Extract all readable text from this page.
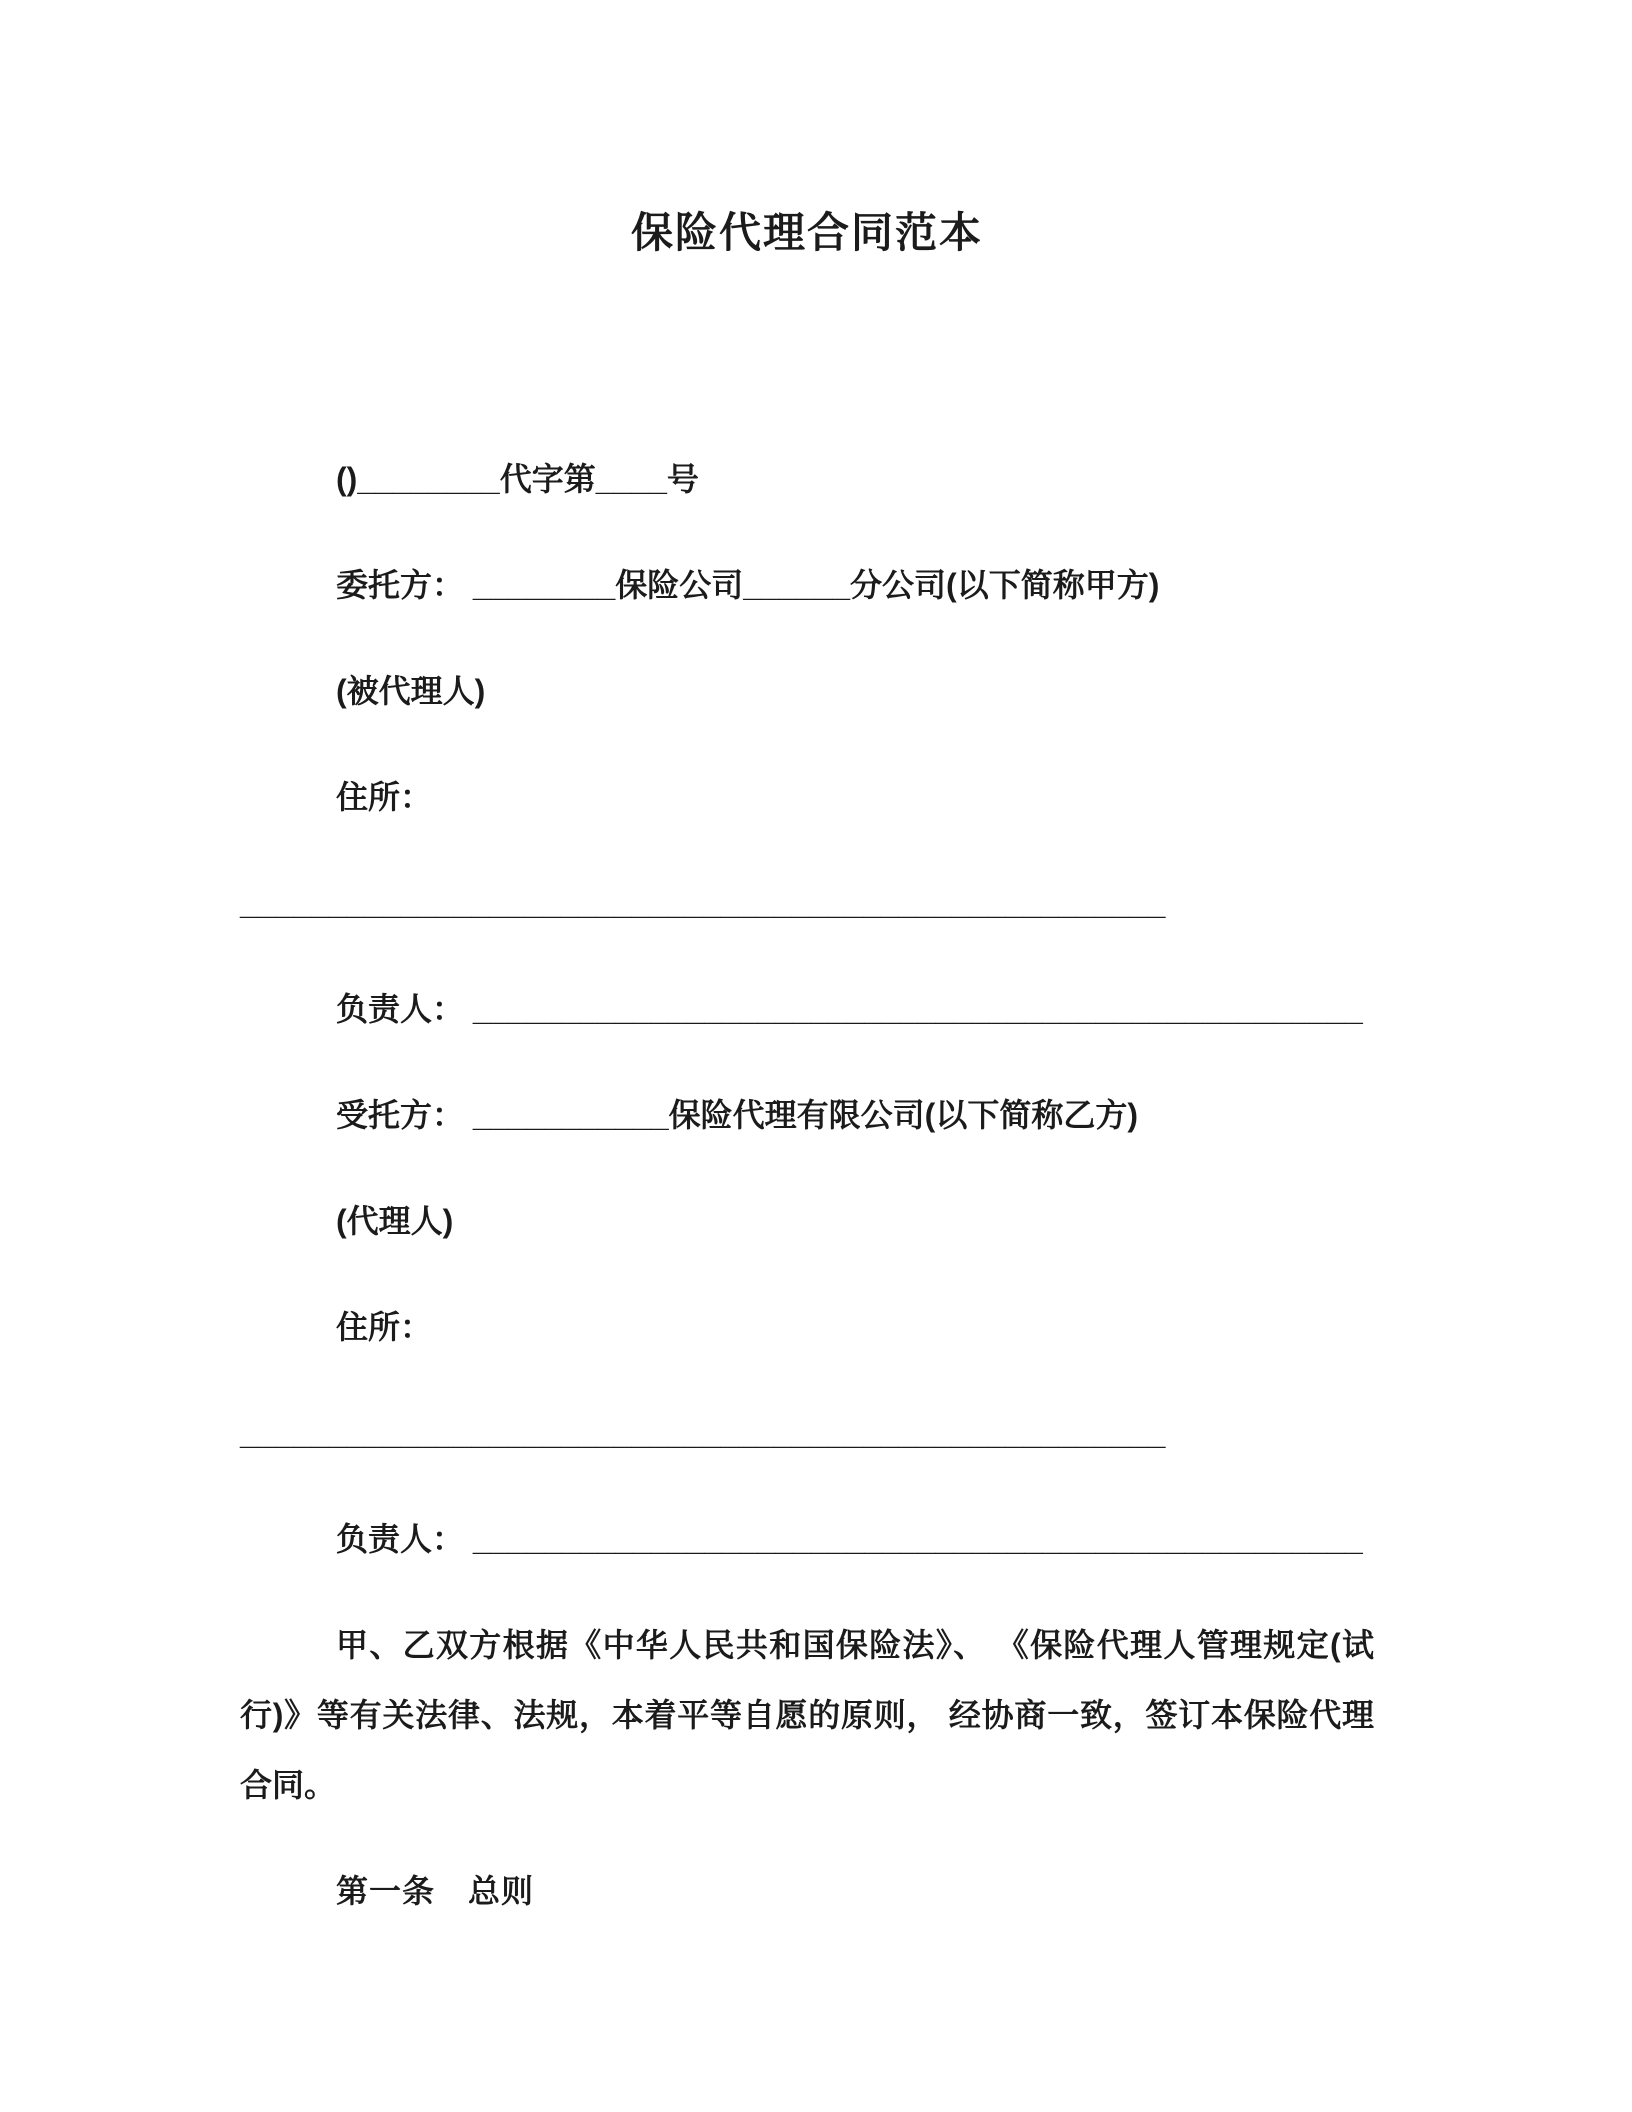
保险代理合同范本

()________代字第____号

委托方： ________保险公司______分公司(以下简称甲方)

(被代理人)

住所：

____________________________________________________

负责人： __________________________________________________

受托方： ___________保险代理有限公司(以下简称乙方)

(代理人)

住所：

____________________________________________________

负责人： __________________________________________________

甲、乙双方根据《中华人民共和国保险法》、 《保险代理人管理规定(试行)》等有关法律、法规，本着平等自愿的原则， 经协商一致，签订本保险代理合同。

第一条　总则
